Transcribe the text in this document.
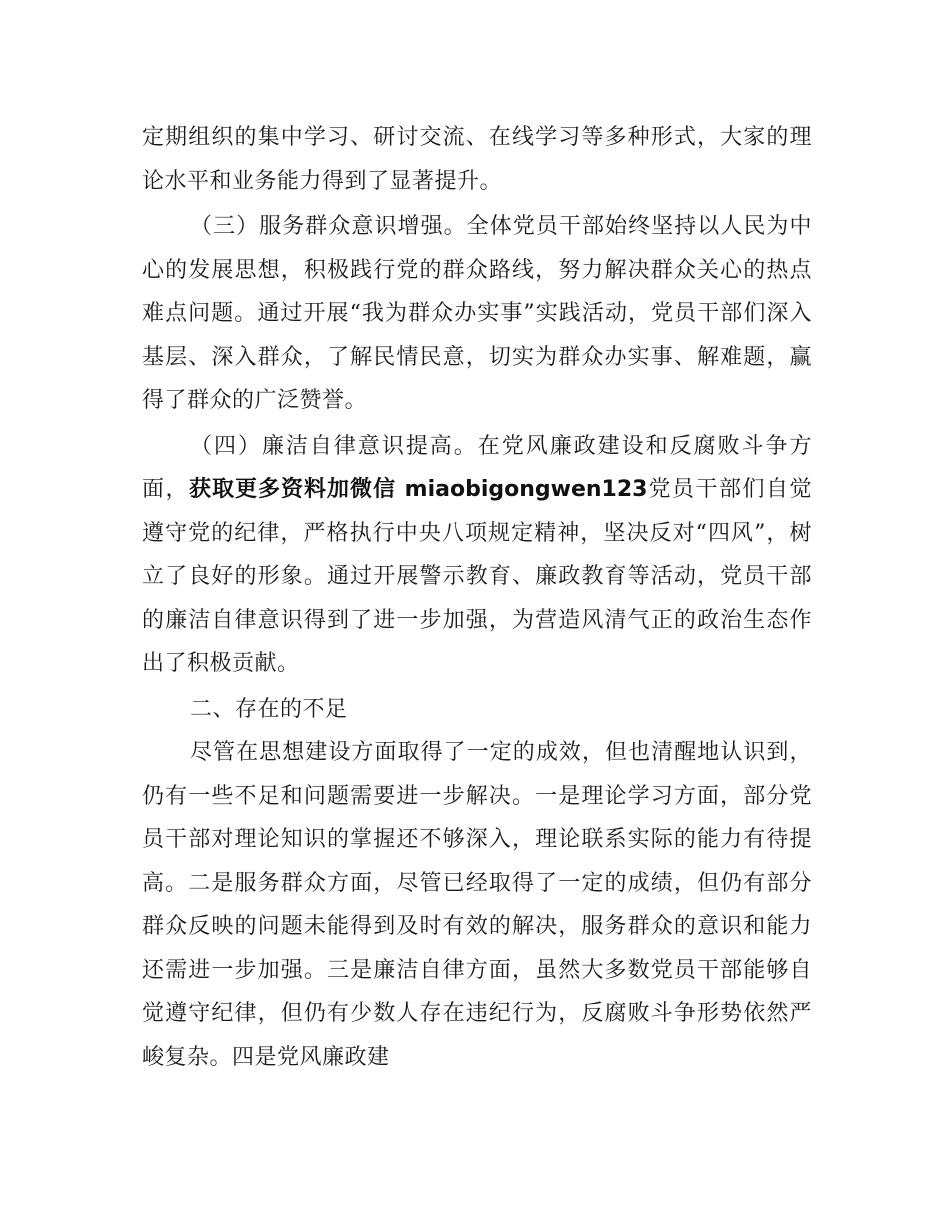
定期组织的集中学习、研讨交流、在线学习等多种形式，大家的理论水平和业务能力得到了显著提升。

（三）服务群众意识增强。全体党员干部始终坚持以人民为中心的发展思想，积极践行党的群众路线，努力解决群众关心的热点难点问题。通过开展“我为群众办实事”实践活动，党员干部们深入基层、深入群众，了解民情民意，切实为群众办实事、解难题，赢得了群众的广泛赞誉。

（四）廉洁自律意识提高。在党风廉政建设和反腐败斗争方面，获取更多资料加微信 miaobigongwen123党员干部们自觉遵守党的纪律，严格执行中央八项规定精神，坚决反对“四风”，树立了良好的形象。通过开展警示教育、廉政教育等活动，党员干部的廉洁自律意识得到了进一步加强，为营造风清气正的政治生态作出了积极贡献。

二、存在的不足

尽管在思想建设方面取得了一定的成效，但也清醒地认识到，仍有一些不足和问题需要进一步解决。一是理论学习方面，部分党员干部对理论知识的掌握还不够深入，理论联系实际的能力有待提高。二是服务群众方面，尽管已经取得了一定的成绩，但仍有部分群众反映的问题未能得到及时有效的解决，服务群众的意识和能力还需进一步加强。三是廉洁自律方面，虽然大多数党员干部能够自觉遵守纪律，但仍有少数人存在违纪行为，反腐败斗争形势依然严峻复杂。四是党风廉政建
